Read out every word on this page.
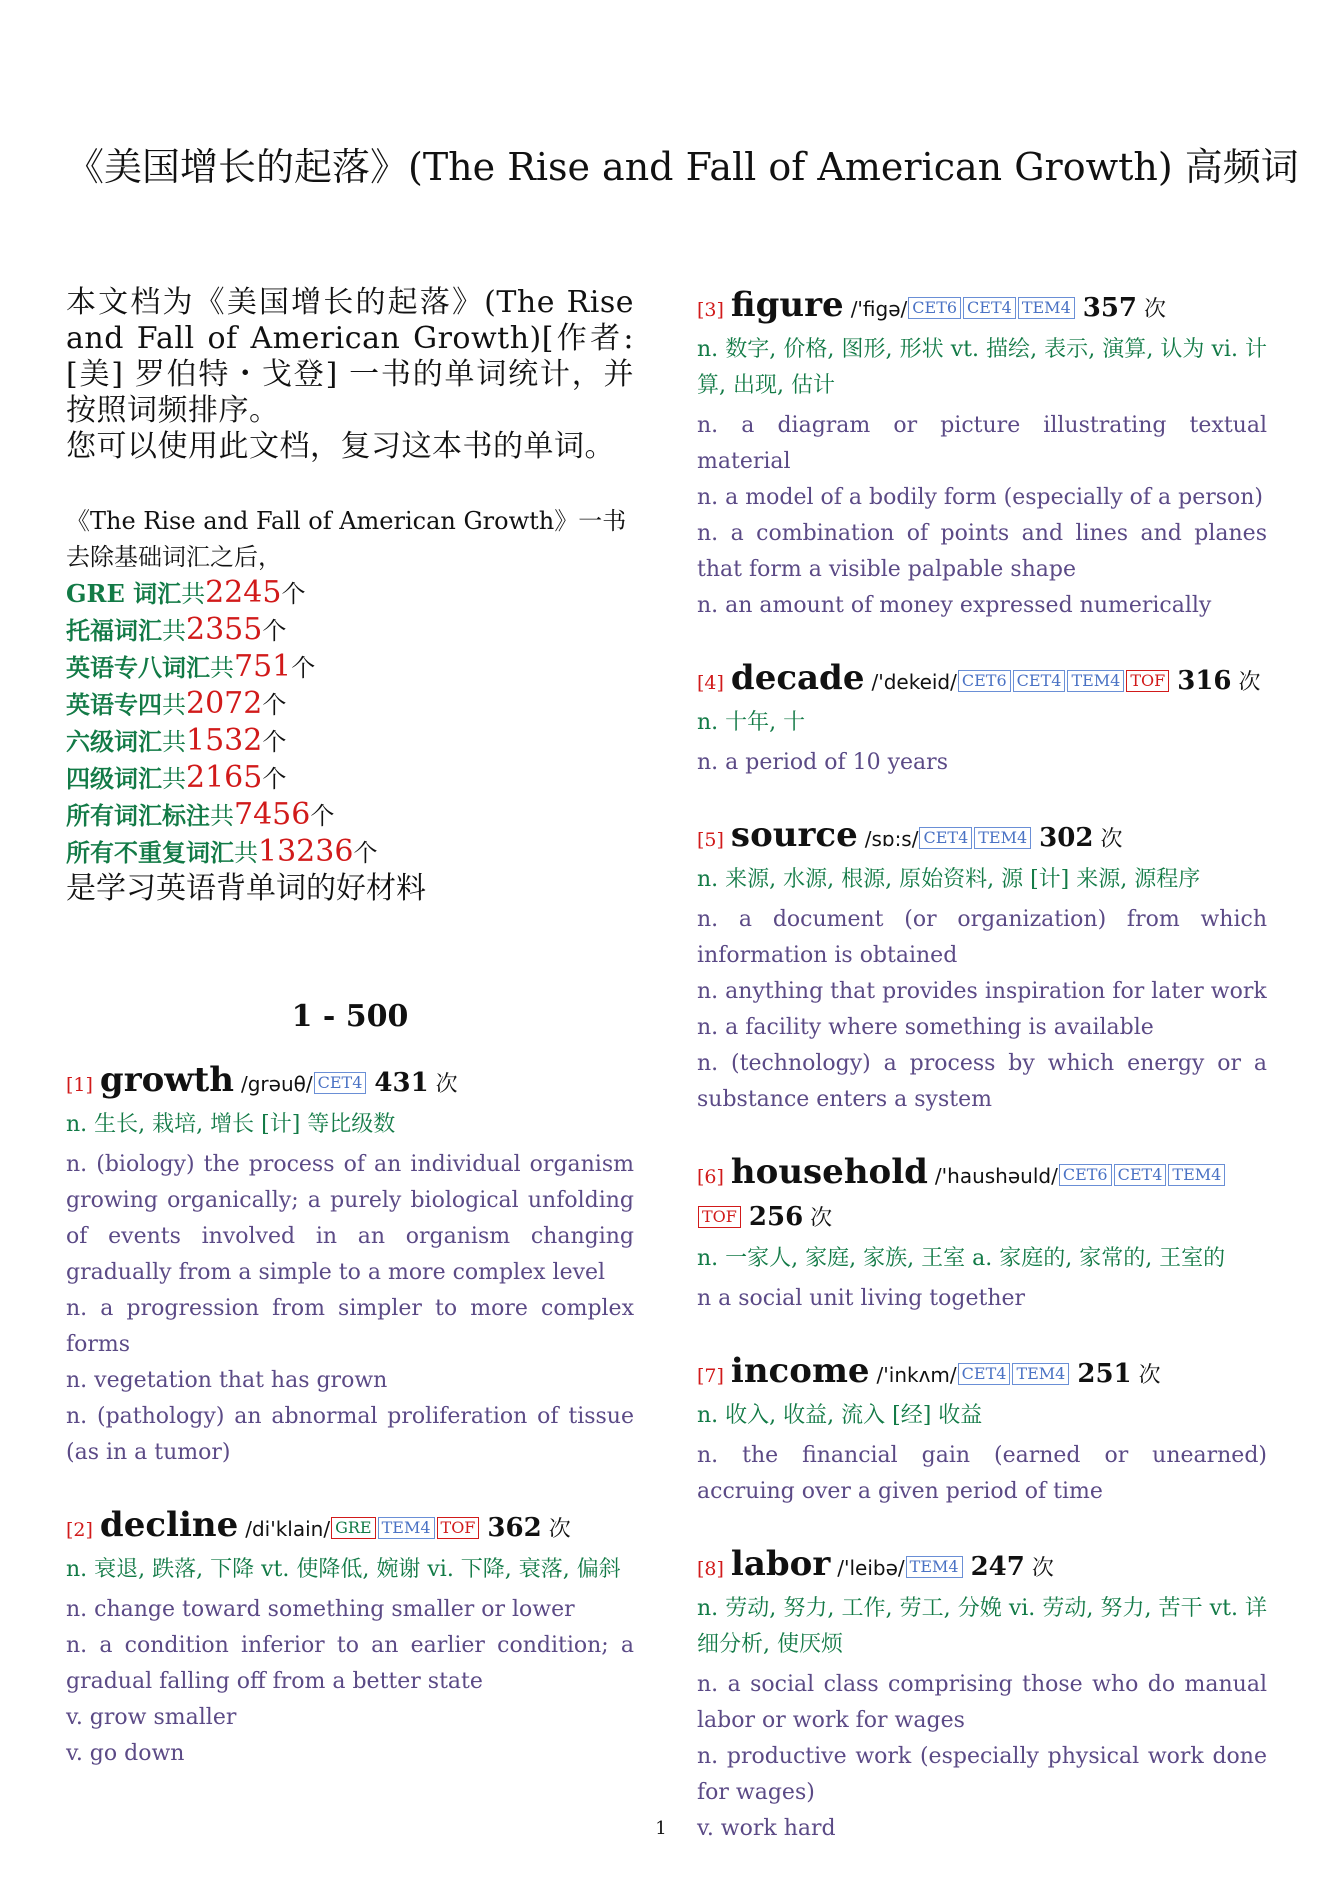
《美国增长的起落》(The Rise and Fall of American Growth) 高频词

本文档为《美国增长的起落》(The Rise and Fall of American Growth)[作者: [美] 罗伯特・戈登] 一书的单词统计，并按照词频排序。

您可以使用此文档，复习这本书的单词。

《The Rise and Fall of American Growth》一书去除基础词汇之后，
GRE 词汇共2245个
托福词汇共2355个
英语专八词汇共751个
英语专四共2072个
六级词汇共1532个
四级词汇共2165个
所有词汇标注共7456个
所有不重复词汇共13236个
是学习英语背单词的好材料
1 - 500
[1] growth /grəuθ/ CET4 431 次
n. 生长, 栽培, 增长 [计] 等比级数
n. (biology) the process of an individual organism growing organically; a purely biological unfolding of events involved in an organism changing gradually from a simple to a more complex level
n. a progression from simpler to more complex forms
n. vegetation that has grown
n. (pathology) an abnormal proliferation of tissue (as in a tumor)
[2] decline /di'klain/ GRE TEM4 TOF 362 次
n. 衰退, 跌落, 下降 vt. 使降低, 婉谢 vi. 下降, 衰落, 偏斜
n. change toward something smaller or lower
n. a condition inferior to an earlier condition; a gradual falling off from a better state
v. grow smaller
v. go down
[3] figure /'figə/ CET6 CET4 TEM4 357 次
n. 数字, 价格, 图形, 形状 vt. 描绘, 表示, 演算, 认为 vi. 计算, 出现, 估计
n. a diagram or picture illustrating textual material
n. a model of a bodily form (especially of a person)
n. a combination of points and lines and planes that form a visible palpable shape
n. an amount of money expressed numerically
[4] decade /'dekeid/ CET6 CET4 TEM4 TOF 316 次
n. 十年, 十
n. a period of 10 years
[5] source /sɒ:s/ CET4 TEM4 302 次
n. 来源, 水源, 根源, 原始资料, 源 [计] 来源, 源程序
n. a document (or organization) from which information is obtained
n. anything that provides inspiration for later work
n. a facility where something is available
n. (technology) a process by which energy or a substance enters a system
[6] household /'haushəuld/ CET6 CET4 TEM4TOF 256 次
n. 一家人, 家庭, 家族, 王室 a. 家庭的, 家常的, 王室的
n a social unit living together
[7] income /'inkʌm/ CET4 TEM4 251 次
n. 收入, 收益, 流入 [经] 收益
n. the financial gain (earned or unearned) accruing over a given period of time
[8] labor /'leibə/ TEM4 247 次
n. 劳动, 努力, 工作, 劳工, 分娩 vi. 劳动, 努力, 苦干 vt. 详细分析, 使厌烦
n. a social class comprising those who do manual labor or work for wages
n. productive work (especially physical work done for wages)
v. work hard
1
